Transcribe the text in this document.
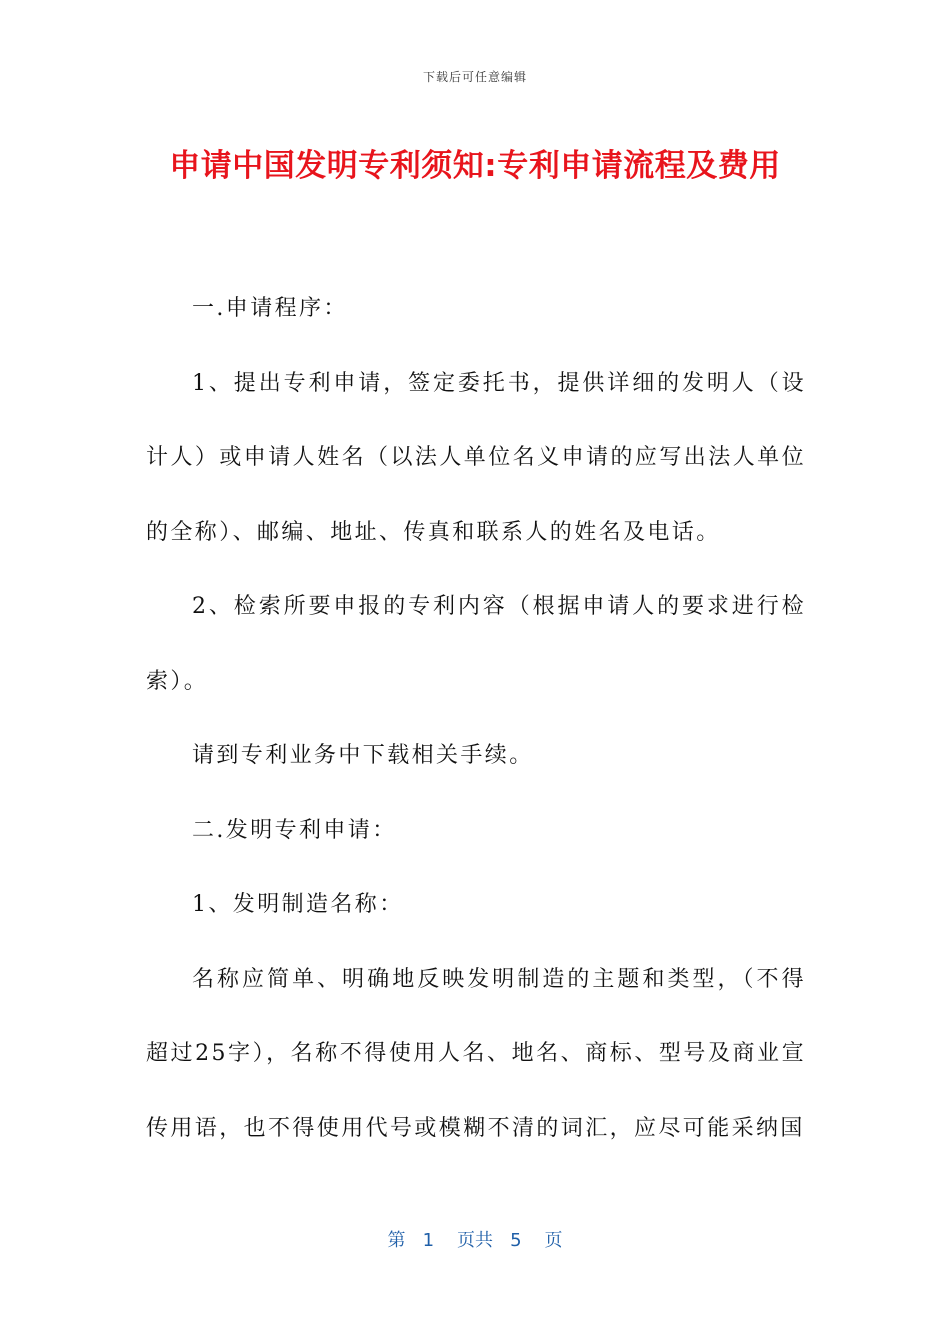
下载后可任意编辑
申请中国发明专利须知:专利申请流程及费用

一.申请程序：

1、提出专利申请，签定委托书，提供详细的发明人（设计人）或申请人姓名（以法人单位名义申请的应写出法人单位的全称）、邮编、地址、传真和联系人的姓名及电话。

2、检索所要申报的专利内容（根据申请人的要求进行检索）。

请到专利业务中下载相关手续。

二.发明专利申请：

1、发明制造名称：

名称应简单、明确地反映发明制造的主题和类型，（不得超过25字），名称不得使用人名、地名、商标、型号及商业宣传用语，也不得使用代号或模糊不清的词汇，应尽可能采纳国

第 1 页共 5 页
